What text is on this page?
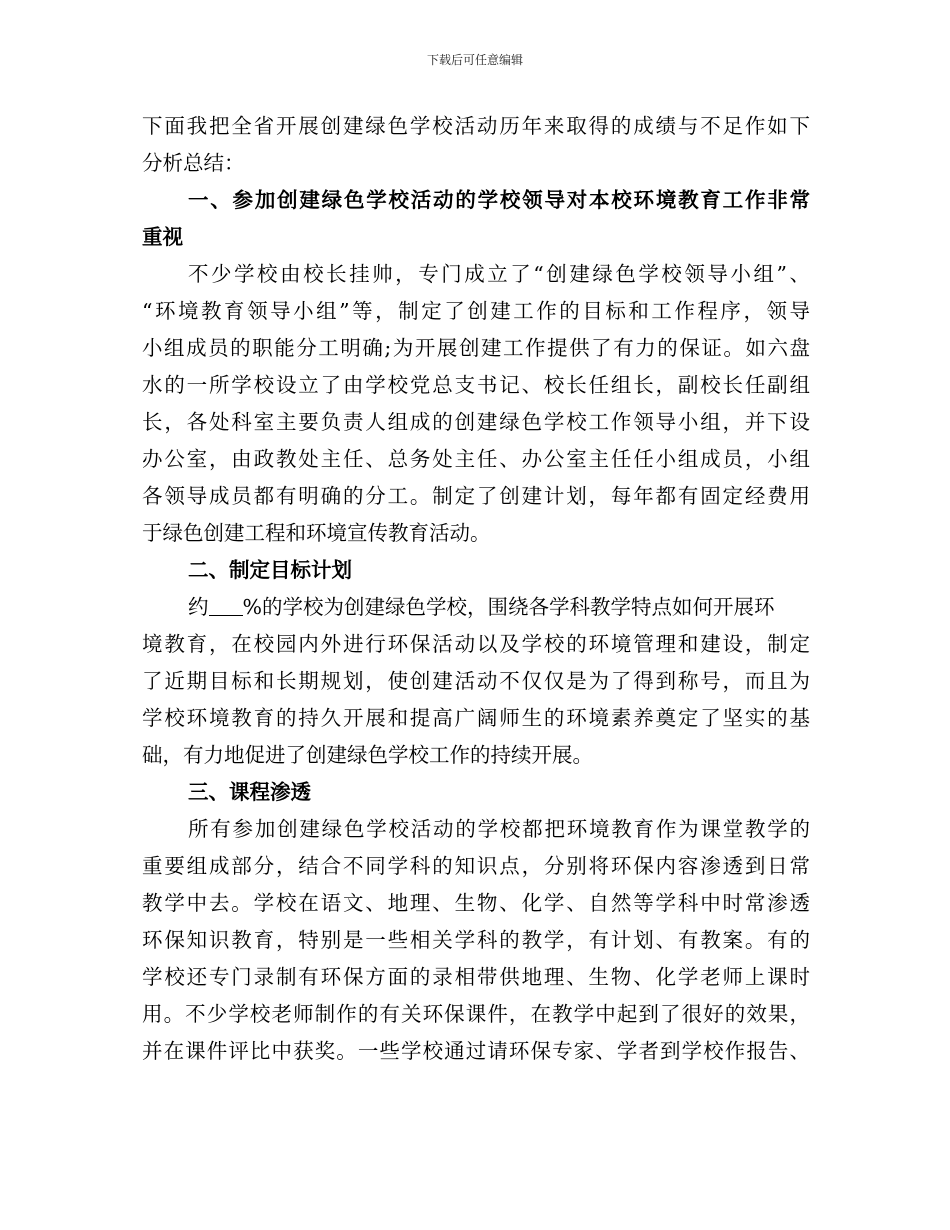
下载后可任意编辑
下面我把全省开展创建绿色学校活动历年来取得的成绩与不足作如下
分析总结：
一、参加创建绿色学校活动的学校领导对本校环境教育工作非常
重视
不少学校由校长挂帅，专门成立了“创建绿色学校领导小组”、
“环境教育领导小组”等，制定了创建工作的目标和工作程序，领导
小组成员的职能分工明确;为开展创建工作提供了有力的保证。如六盘
水的一所学校设立了由学校党总支书记、校长任组长，副校长任副组
长，各处科室主要负责人组成的创建绿色学校工作领导小组，并下设
办公室，由政教处主任、总务处主任、办公室主任任小组成员，小组
各领导成员都有明确的分工。制定了创建计划，每年都有固定经费用
于绿色创建工程和环境宣传教育活动。
二、制定目标计划
约 %的学校为创建绿色学校，围绕各学科教学特点如何开展环
境教育，在校园内外进行环保活动以及学校的环境管理和建设，制定
了近期目标和长期规划，使创建活动不仅仅是为了得到称号，而且为
学校环境教育的持久开展和提高广阔师生的环境素养奠定了坚实的基
础，有力地促进了创建绿色学校工作的持续开展。
三、课程渗透
所有参加创建绿色学校活动的学校都把环境教育作为课堂教学的
重要组成部分，结合不同学科的知识点，分别将环保内容渗透到日常
教学中去。学校在语文、地理、生物、化学、自然等学科中时常渗透
环保知识教育，特别是一些相关学科的教学，有计划、有教案。有的
学校还专门录制有环保方面的录相带供地理、生物、化学老师上课时
用。不少学校老师制作的有关环保课件，在教学中起到了很好的效果，
并在课件评比中获奖。一些学校通过请环保专家、学者到学校作报告、
